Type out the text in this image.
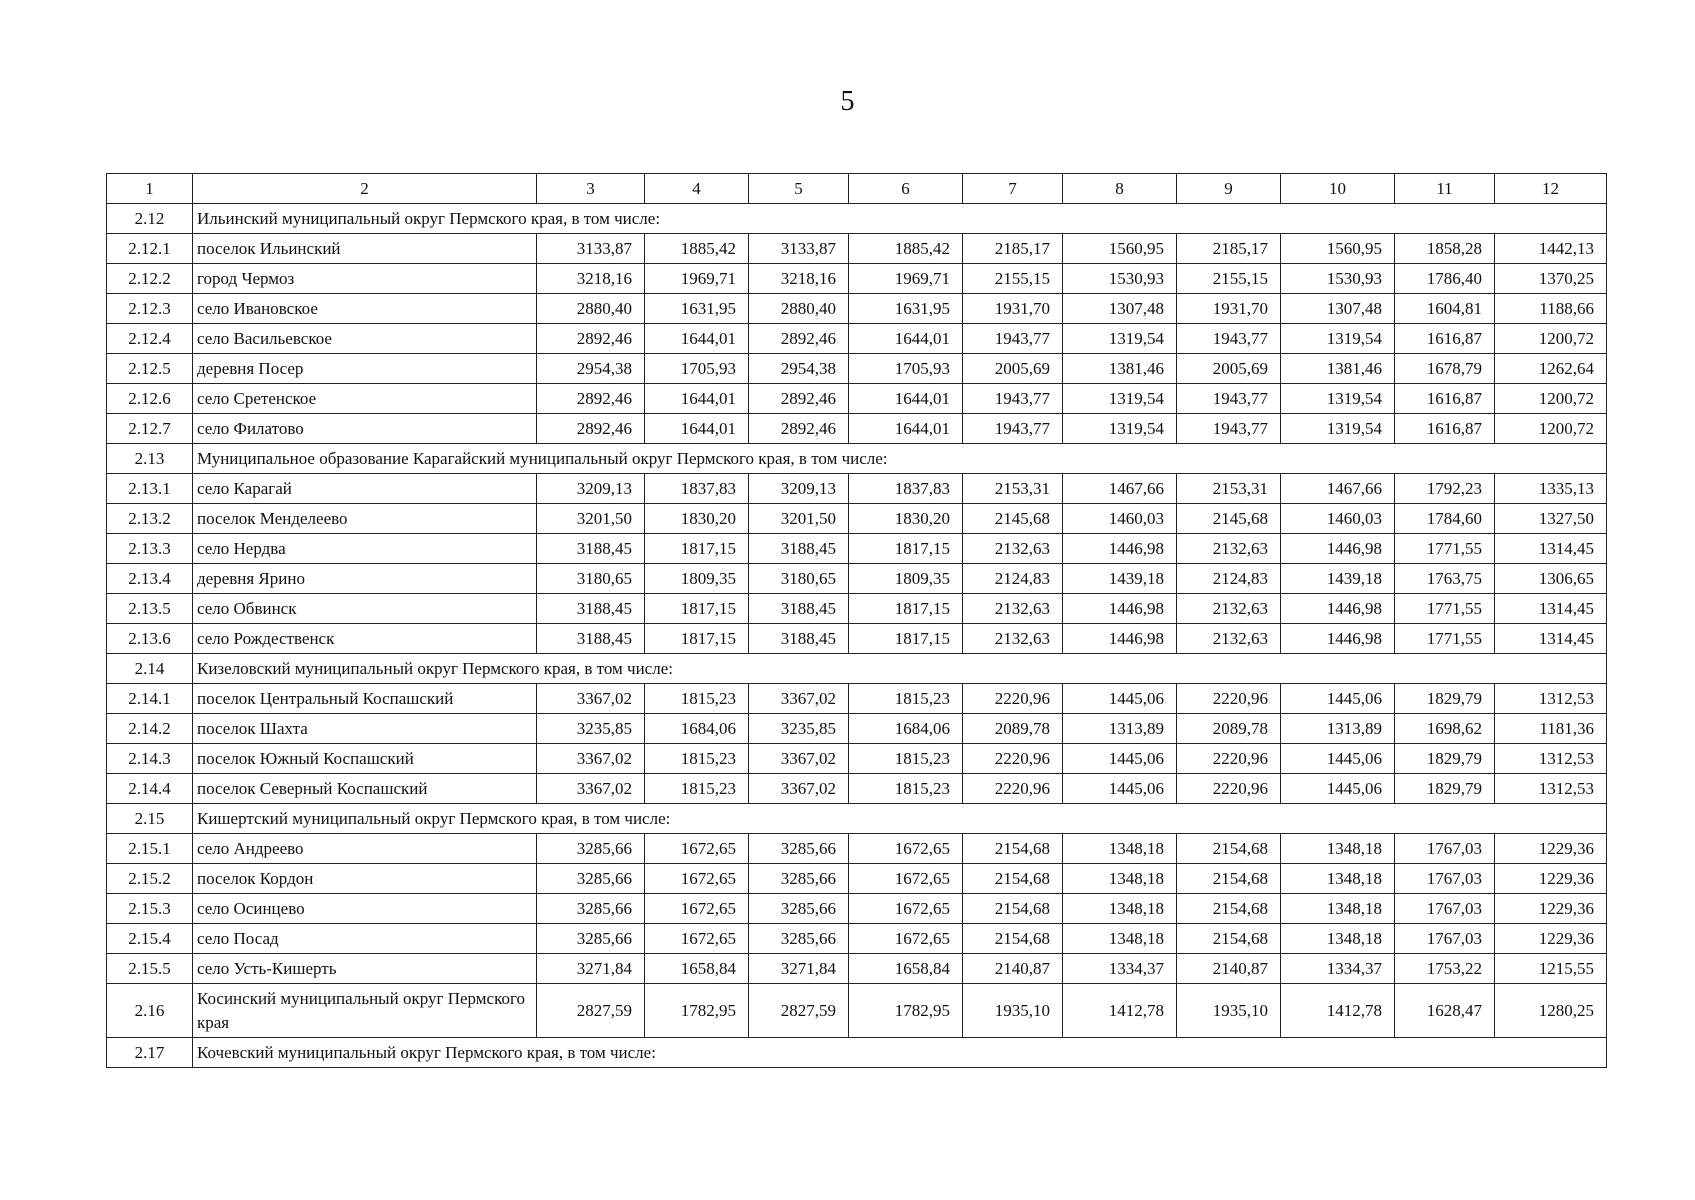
5
1	2	3	4	5	6	7	8	9	10	11	12
2.12	Ильинский муниципальный округ Пермского края, в том числе:										
2.12.1	поселок Ильинский	3133,87	1885,42	3133,87	1885,42	2185,17	1560,95	2185,17	1560,95	1858,28	1442,13
2.12.2	город Чермоз	3218,16	1969,71	3218,16	1969,71	2155,15	1530,93	2155,15	1530,93	1786,40	1370,25
2.12.3	село Ивановское	2880,40	1631,95	2880,40	1631,95	1931,70	1307,48	1931,70	1307,48	1604,81	1188,66
2.12.4	село Васильевское	2892,46	1644,01	2892,46	1644,01	1943,77	1319,54	1943,77	1319,54	1616,87	1200,72
2.12.5	деревня Посер	2954,38	1705,93	2954,38	1705,93	2005,69	1381,46	2005,69	1381,46	1678,79	1262,64
2.12.6	село Сретенское	2892,46	1644,01	2892,46	1644,01	1943,77	1319,54	1943,77	1319,54	1616,87	1200,72
2.12.7	село Филатово	2892,46	1644,01	2892,46	1644,01	1943,77	1319,54	1943,77	1319,54	1616,87	1200,72
2.13	Муниципальное образование Карагайский муниципальный округ Пермского края, в том числе:										
2.13.1	село Карагай	3209,13	1837,83	3209,13	1837,83	2153,31	1467,66	2153,31	1467,66	1792,23	1335,13
2.13.2	поселок Менделеево	3201,50	1830,20	3201,50	1830,20	2145,68	1460,03	2145,68	1460,03	1784,60	1327,50
2.13.3	село Нердва	3188,45	1817,15	3188,45	1817,15	2132,63	1446,98	2132,63	1446,98	1771,55	1314,45
2.13.4	деревня Ярино	3180,65	1809,35	3180,65	1809,35	2124,83	1439,18	2124,83	1439,18	1763,75	1306,65
2.13.5	село Обвинск	3188,45	1817,15	3188,45	1817,15	2132,63	1446,98	2132,63	1446,98	1771,55	1314,45
2.13.6	село Рождественск	3188,45	1817,15	3188,45	1817,15	2132,63	1446,98	2132,63	1446,98	1771,55	1314,45
2.14	Кизеловский муниципальный округ Пермского края, в том числе:										
2.14.1	поселок Центральный Коспашский	3367,02	1815,23	3367,02	1815,23	2220,96	1445,06	2220,96	1445,06	1829,79	1312,53
2.14.2	поселок Шахта	3235,85	1684,06	3235,85	1684,06	2089,78	1313,89	2089,78	1313,89	1698,62	1181,36
2.14.3	поселок Южный Коспашский	3367,02	1815,23	3367,02	1815,23	2220,96	1445,06	2220,96	1445,06	1829,79	1312,53
2.14.4	поселок Северный Коспашский	3367,02	1815,23	3367,02	1815,23	2220,96	1445,06	2220,96	1445,06	1829,79	1312,53
2.15	Кишертский муниципальный округ Пермского края, в том числе:										
2.15.1	село Андреево	3285,66	1672,65	3285,66	1672,65	2154,68	1348,18	2154,68	1348,18	1767,03	1229,36
2.15.2	поселок Кордон	3285,66	1672,65	3285,66	1672,65	2154,68	1348,18	2154,68	1348,18	1767,03	1229,36
2.15.3	село Осинцево	3285,66	1672,65	3285,66	1672,65	2154,68	1348,18	2154,68	1348,18	1767,03	1229,36
2.15.4	село Посад	3285,66	1672,65	3285,66	1672,65	2154,68	1348,18	2154,68	1348,18	1767,03	1229,36
2.15.5	село Усть-Кишерть	3271,84	1658,84	3271,84	1658,84	2140,87	1334,37	2140,87	1334,37	1753,22	1215,55
2.16	Косинский муниципальный округ Пермского края	2827,59	1782,95	2827,59	1782,95	1935,10	1412,78	1935,10	1412,78	1628,47	1280,25
2.17	Кочевский муниципальный округ Пермского края, в том числе:										
